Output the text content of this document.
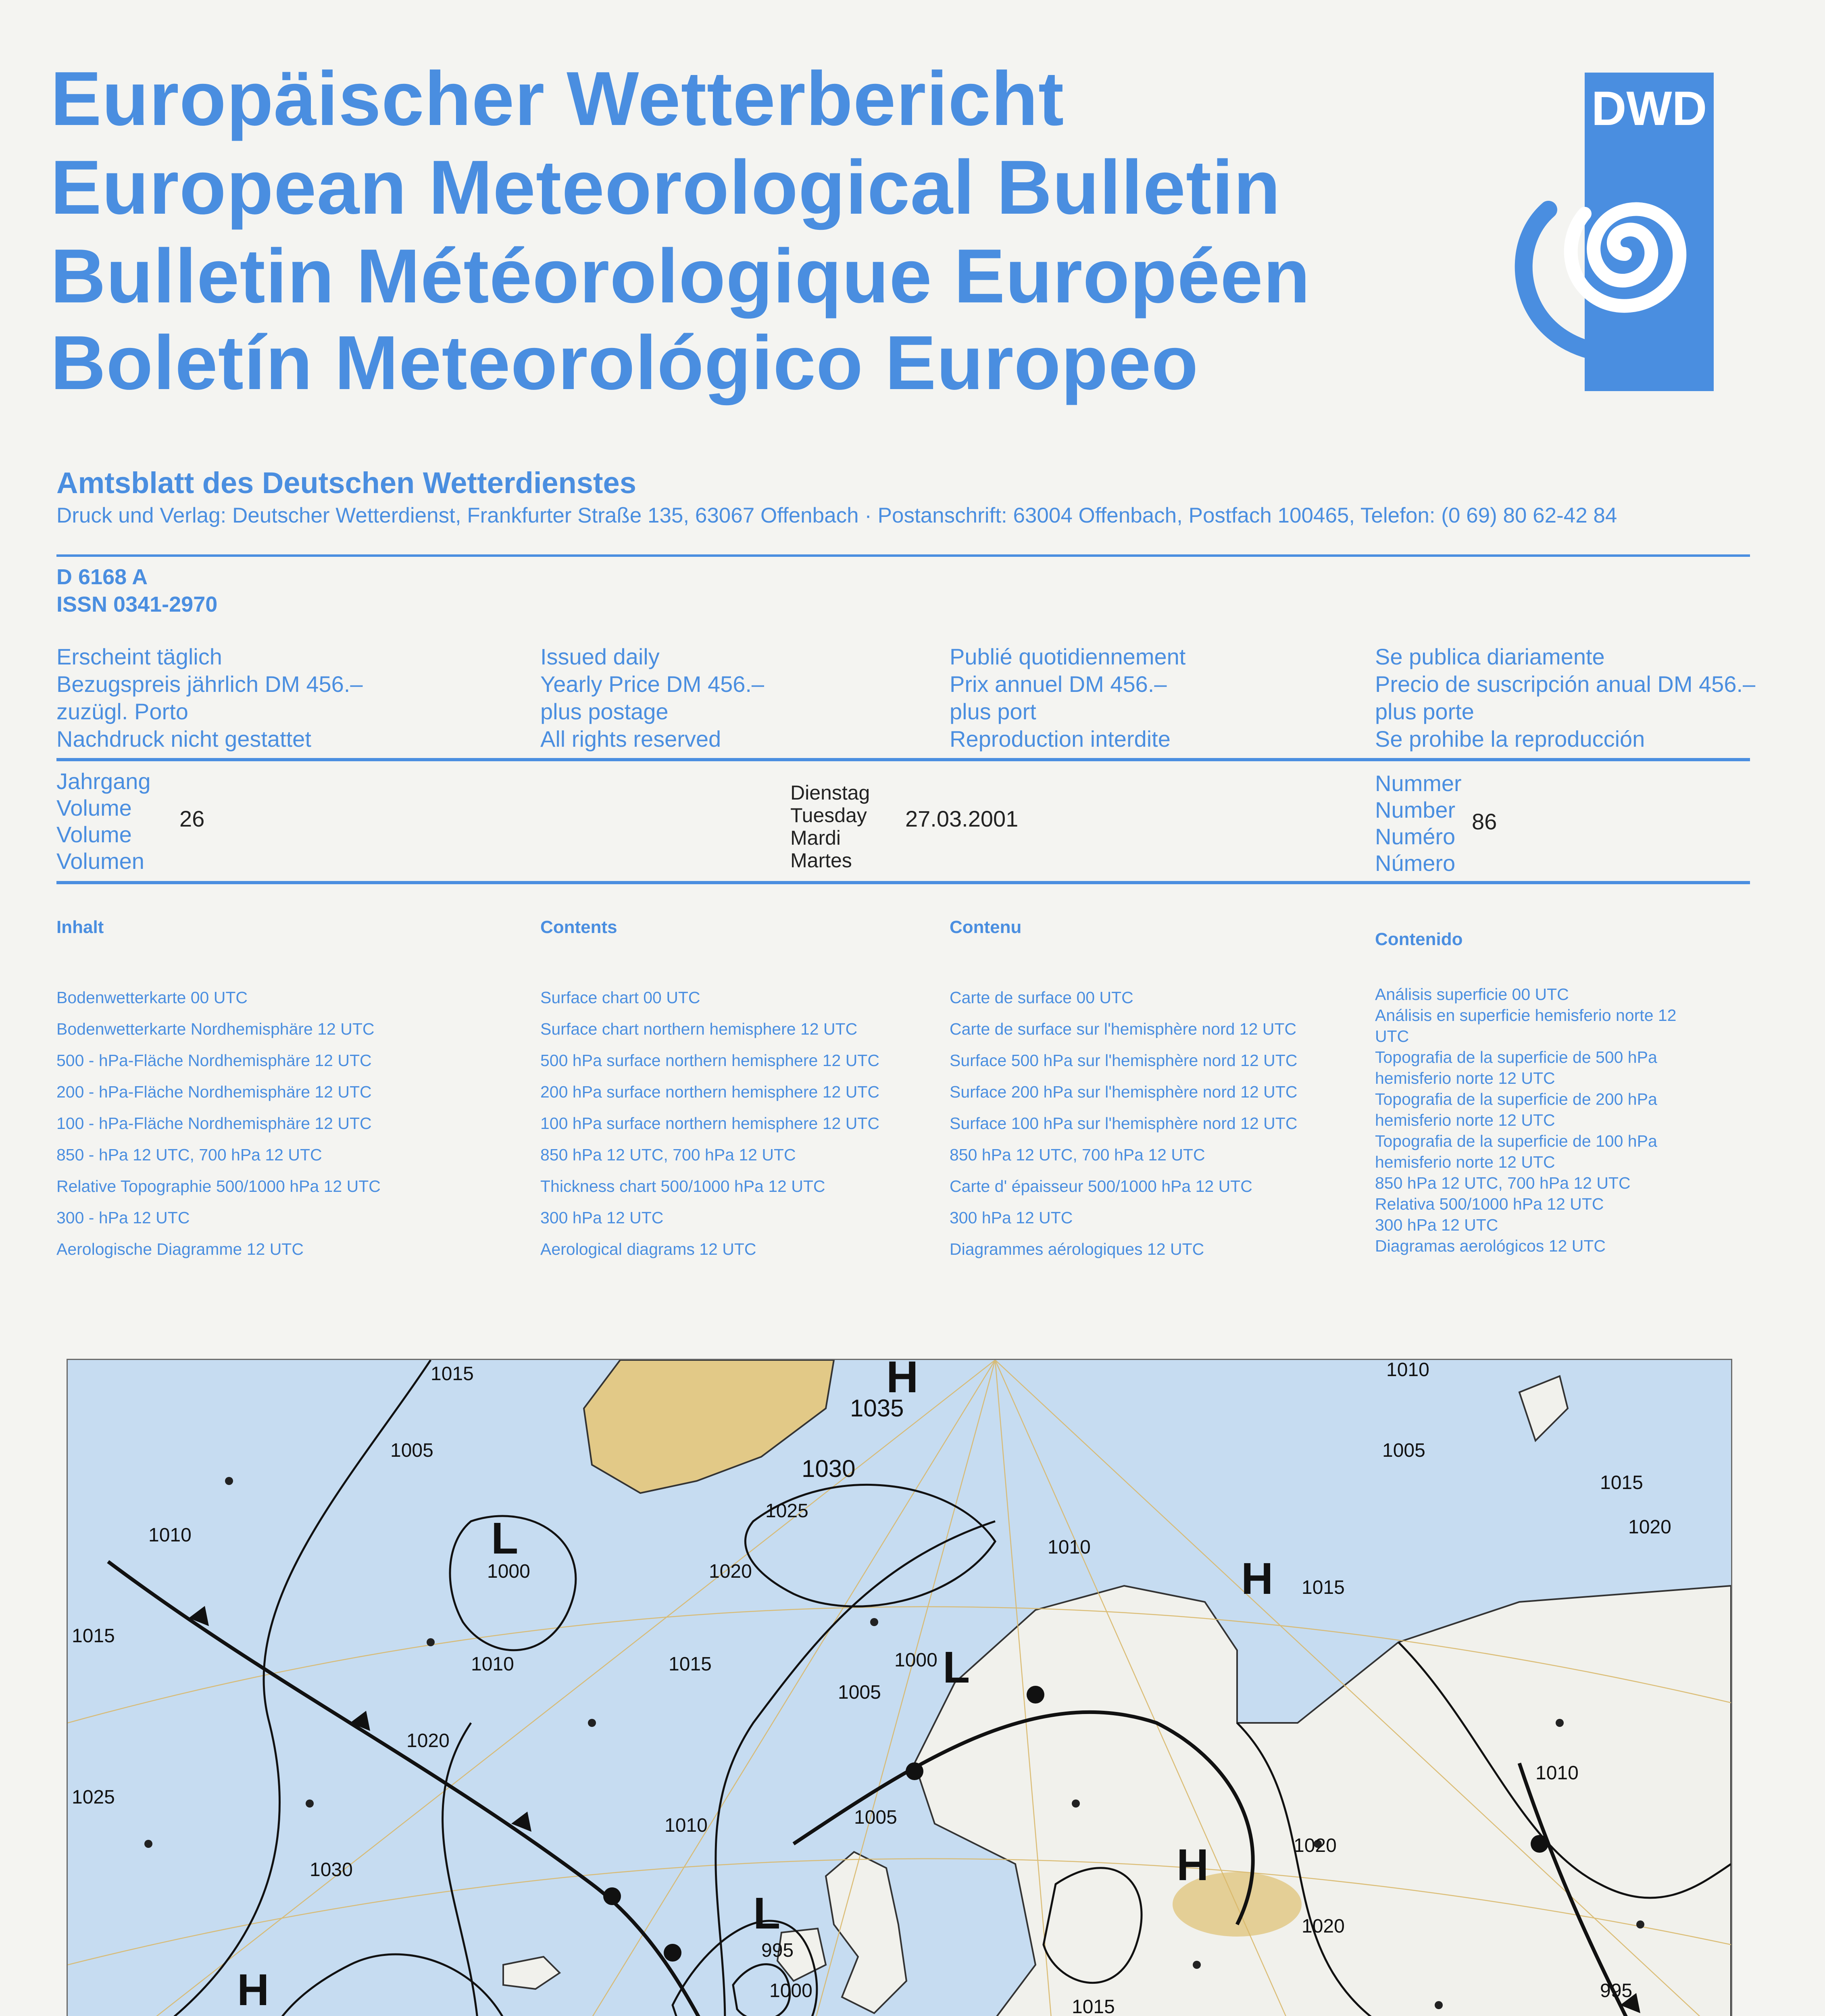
Europäischer Wetterbericht
European Meteorological Bulletin
Bulletin Météorologique Européen
Boletín Meteorológico Europeo
DWD
Amtsblatt des Deutschen Wetterdienstes
Druck und Verlag: Deutscher Wetterdienst, Frankfurter Straße 135, 63067 Offenbach · Postanschrift: 63004 Offenbach, Postfach 100465, Telefon: (0 69) 80 62-42 84
D 6168 A
ISSN 0341-2970
Erscheint täglich
Bezugspreis jährlich DM 456.–
zuzügl. Porto
Nachdruck nicht gestattet
Issued daily
Yearly Price DM 456.–
plus postage
All rights reserved
Publié quotidiennement
Prix annuel DM 456.–
plus port
Reproduction interdite
Se publica diariamente
Precio de suscripción anual DM 456.–
plus porte
Se prohibe la reproducción
Jahrgang
Volume
Volume
Volumen
26
Dienstag
Tuesday
Mardi
Martes
27.03.2001
Nummer
Number
Numéro
Número
86
Inhalt	Contents	Contenu
Contenido
Bodenwetterkarte 00 UTC
Bodenwetterkarte Nordhemisphäre 12 UTC
500 - hPa-Fläche Nordhemisphäre 12 UTC
200 - hPa-Fläche Nordhemisphäre 12 UTC
100 - hPa-Fläche Nordhemisphäre 12 UTC
850 - hPa 12 UTC, 700 hPa 12 UTC
Relative Topographie 500/1000 hPa 12 UTC
300 - hPa 12 UTC
Aerologische Diagramme 12 UTC
Surface chart 00 UTC
Surface chart northern hemisphere 12 UTC
500 hPa surface northern hemisphere 12 UTC
200 hPa surface northern hemisphere 12 UTC
100 hPa surface northern hemisphere 12 UTC
850 hPa 12 UTC, 700 hPa 12 UTC
Thickness chart 500/1000 hPa 12 UTC
300 hPa 12 UTC
Aerological diagrams 12 UTC
Carte de surface 00 UTC
Carte de surface sur l'hemisphère nord 12 UTC
Surface 500 hPa sur l'hemisphère nord 12 UTC
Surface 200 hPa sur l'hemisphère nord 12 UTC
Surface 100 hPa sur l'hemisphère nord 12 UTC
850 hPa 12 UTC, 700 hPa 12 UTC
Carte d' épaisseur 500/1000 hPa 12 UTC
300 hPa 12 UTC
Diagrammes aérologiques 12 UTC
Análisis superficie 00 UTC
Análisis en superficie hemisferio norte 12 UTC
Topografia de la superficie de 500 hPa hemisferio norte 12 UTC
Topografia de la superficie de 200 hPa hemisferio norte 12 UTC
Topografia de la superficie de 100 hPa hemisferio norte 12 UTC
850 hPa 12 UTC, 700 hPa 12 UTC
Relativa 500/1000 hPa 12 UTC
300 hPa 12 UTC
Diagramas aerológicos 12 UTC
1015
1035
1030
1025
1020
1010
1005
1000
1015
1010
1020
1025
1030
1010
1000
1005
995
1000
1005
1015
1020
1010
1015
1005
1015
1010
1010
995
1015
1020
1020
H
H
L
L
L
H
H
